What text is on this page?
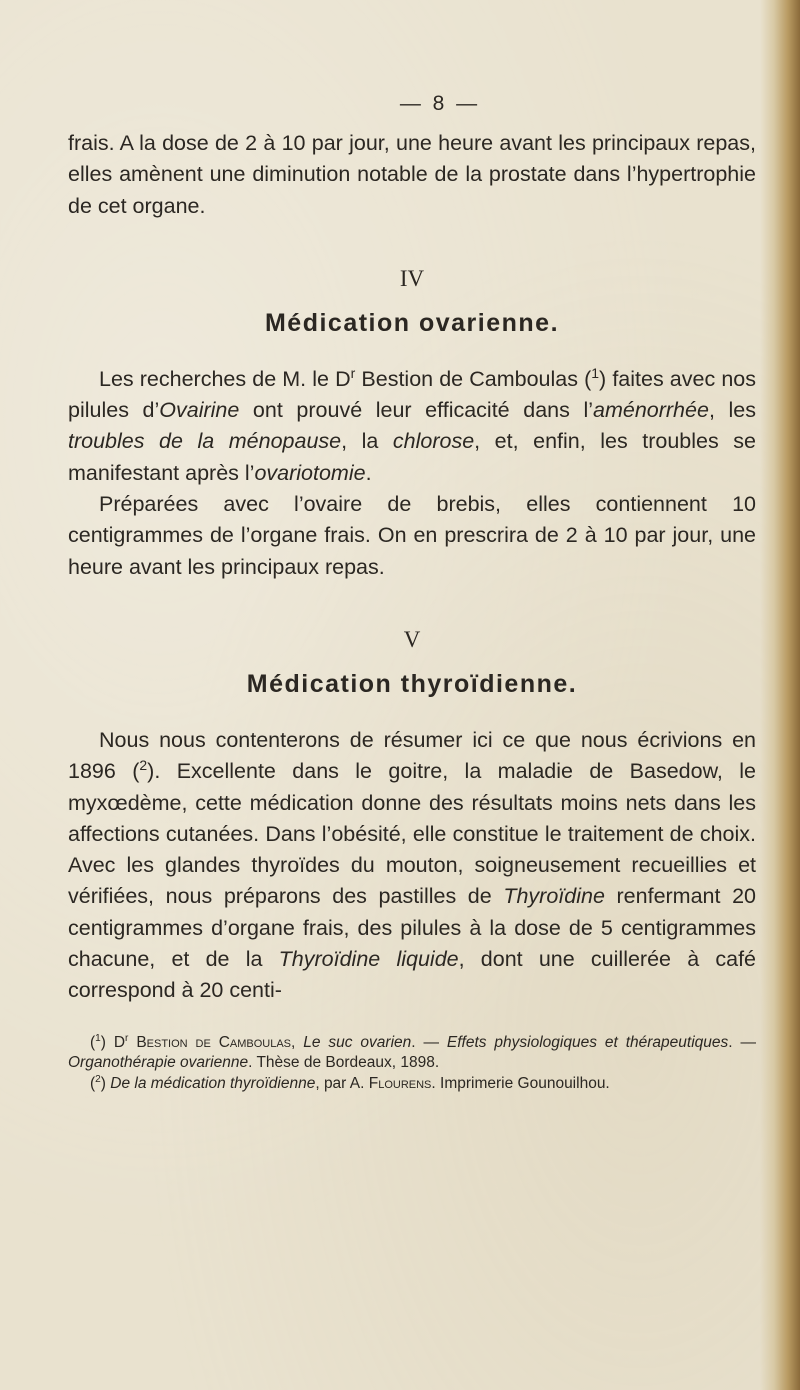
— 8 —

frais. A la dose de 2 à 10 par jour, une heure avant les principaux repas, elles amènent une diminution notable de la prostate dans l’hypertrophie de cet organe.

IV
Médication ovarienne.

Les recherches de M. le $D^r$ Bestion de Camboulas ($^1$) faites avec nos pilules d’Ovairine ont prouvé leur efficacité dans l’aménorrhée, les troubles de la ménopause, la chlorose, et, enfin, les troubles se manifestant après l’ovariotomie.

Préparées avec l’ovaire de brebis, elles contiennent 10 centigrammes de l’organe frais. On en prescrira de 2 à 10 par jour, une heure avant les principaux repas.

V
Médication thyroïdienne.

Nous nous contenterons de résumer ici ce que nous écrivions en 1896 ($^2$). Excellente dans le goitre, la maladie de Basedow, le myxœdème, cette médication donne des résultats moins nets dans les affections cutanées. Dans l’obésité, elle constitue le traitement de choix. Avec les glandes thyroïdes du mouton, soigneusement recueillies et vérifiées, nous préparons des pastilles de Thyroïdine renfermant 20 centigrammes d’organe frais, des pilules à la dose de 5 centigrammes chacune, et de la Thyroïdine liquide, dont une cuillerée à café correspond à 20 centi-

($^1$) $D^r$ Bestion de Camboulas, Le suc ovarien. — Effets physiologiques et thérapeutiques. — Organothérapie ovarienne. Thèse de Bordeaux, 1898.

($^2$) De la médication thyroïdienne, par A. Flourens. Imprimerie Gounouilhou.
